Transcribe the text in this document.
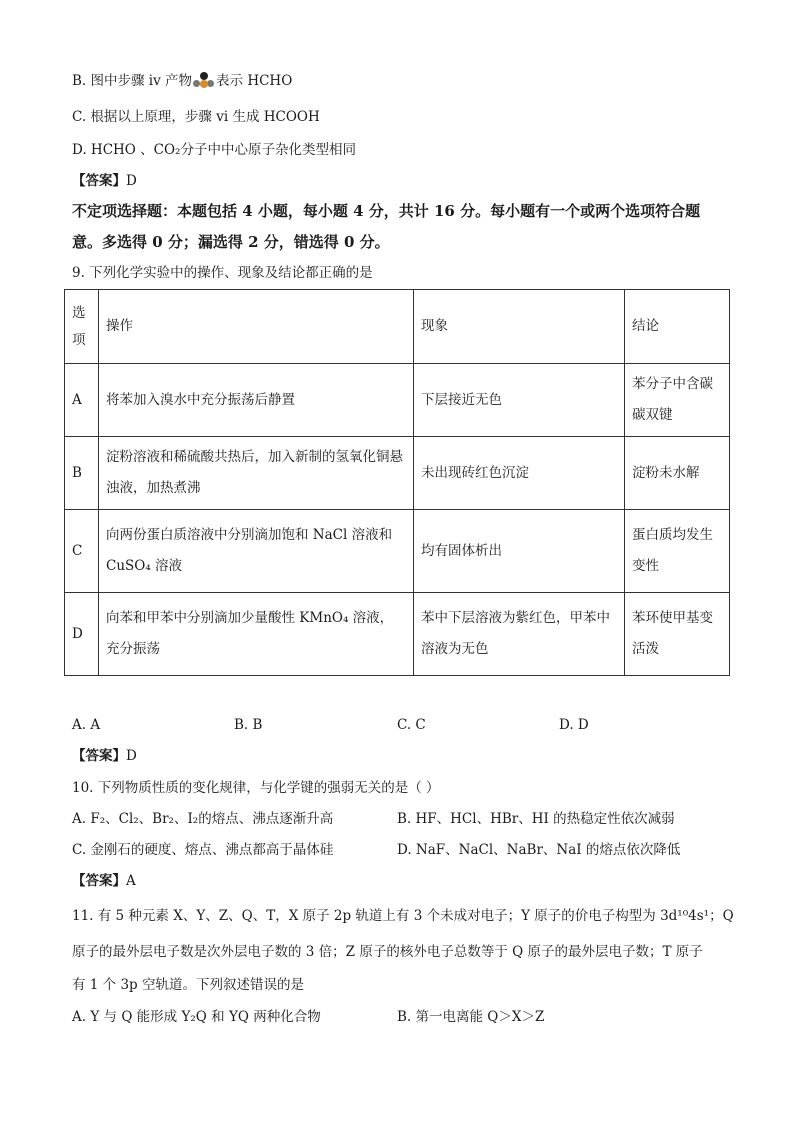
B. 图中步骤 iv 产物 表示 HCHO
C. 根据以上原理，步骤 vi 生成 HCOOH
D. HCHO 、CO₂分子中中心原子杂化类型相同
【答案】D
不定项选择题：本题包括 4 小题，每小题 4 分，共计 16 分。每小题有一个或两个选项符合题
意。多选得 0 分；漏选得 2 分，错选得 0 分。
9. 下列化学实验中的操作、现象及结论都正确的是
选项	操作	现象	结论
A	将苯加入溴水中充分振荡后静置	下层接近无色	苯分子中含碳碳双键
B	淀粉溶液和稀硫酸共热后，加入新制的氢氧化铜悬浊液，加热煮沸	未出现砖红色沉淀	淀粉未水解
C	向两份蛋白质溶液中分别滴加饱和 NaCl 溶液和 CuSO₄ 溶液	均有固体析出	蛋白质均发生变性
D	向苯和甲苯中分别滴加少量酸性 KMnO₄ 溶液，充分振荡	苯中下层溶液为紫红色，甲苯中溶液为无色	苯环使甲基变活泼
A. A	B. B	C. C	D. D
【答案】D
10. 下列物质性质的变化规律，与化学键的强弱无关的是（ ）
A. F₂、Cl₂、Br₂、I₂的熔点、沸点逐渐升高	B. HF、HCl、HBr、HI 的热稳定性依次减弱
C. 金刚石的硬度、熔点、沸点都高于晶体硅	D. NaF、NaCl、NaBr、NaI 的熔点依次降低
【答案】A
11. 有 5 种元素 X、Y、Z、Q、T，X 原子 2p 轨道上有 3 个未成对电子；Y 原子的价电子构型为 3d¹⁰4s¹；Q
原子的最外层电子数是次外层电子数的 3 倍；Z 原子的核外电子总数等于 Q 原子的最外层电子数；T 原子
有 1 个 3p 空轨道。下列叙述错误的是
A. Y 与 Q 能形成 Y₂Q 和 YQ 两种化合物	B. 第一电离能 Q＞X＞Z
